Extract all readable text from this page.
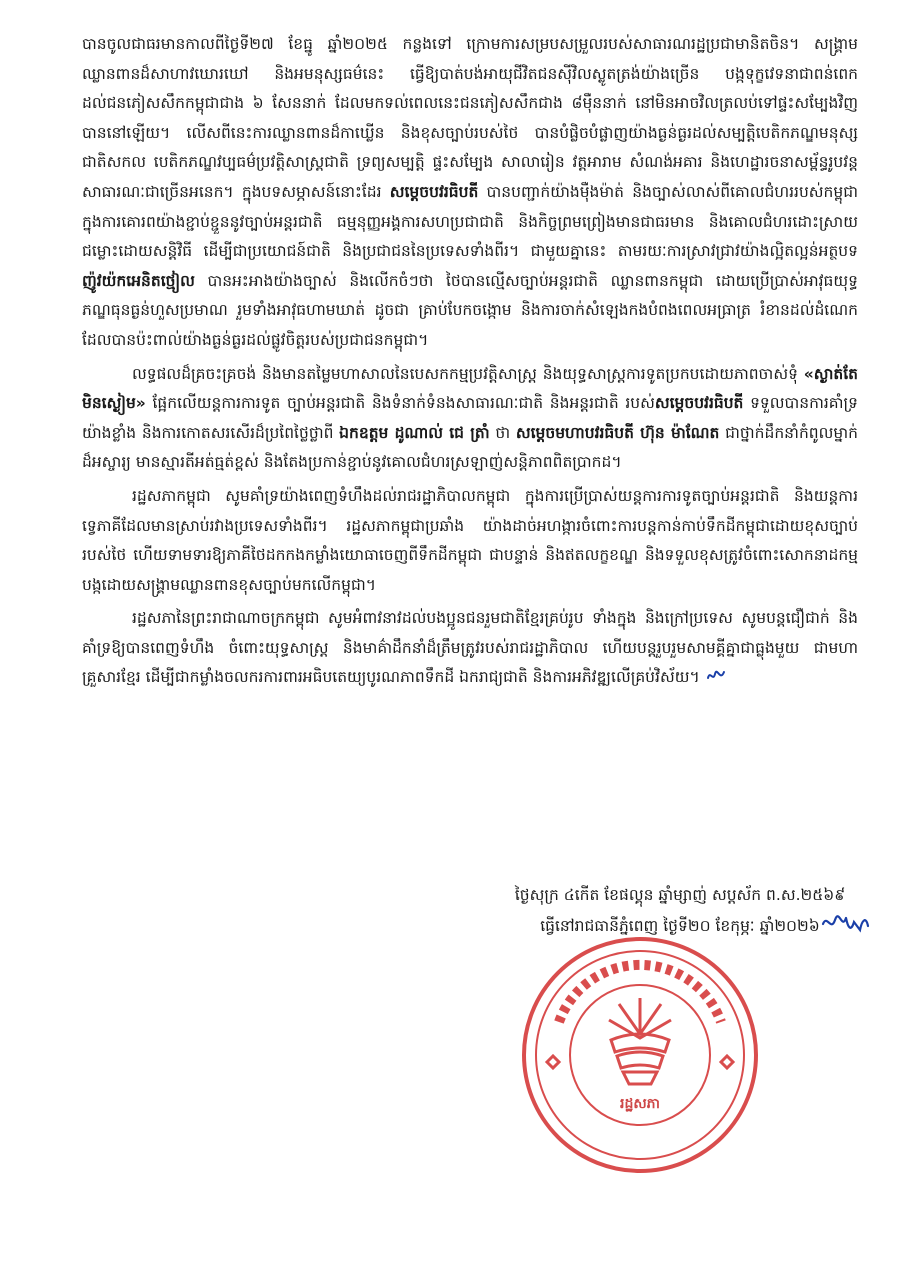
បានចូលជាធរមានកាលពីថ្ងៃទី២៧ ខែធ្នូ ឆ្នាំ២០២៥ កន្លងទៅ ក្រោមការសម្របសម្រួលរបស់សាធារណរដ្ឋប្រជាមានិតចិន។ សង្គ្រាមឈ្លានពានដ៏សាហាវឃោរឃៅ និងអមនុស្សធម៌នេះ ធ្វើឱ្យបាត់បង់អាយុជីវិតជនស៊ីវិលស្លូតត្រង់យ៉ាងច្រើន បង្កទុក្ខវេទនាជាពន់ពេកដល់ជនភៀសសឹកកម្ពុជាជាង ៦ សែននាក់ ដែលមកទល់ពេលនេះជនភៀសសឹកជាង ៨ម៉ឺននាក់ នៅមិនអាចវិលត្រលប់ទៅផ្ទះសម្បែងវិញបាននៅឡើយ។ លើសពីនេះការឈ្លានពានដ៏កាឃ្លើន និងខុសច្បាប់របស់ថៃ បានបំផ្លិចបំផ្លាញយ៉ាងធ្ងន់ធ្ងរដល់សម្បត្តិបេតិកភណ្ឌមនុស្សជាតិសកល បេតិកភណ្ឌវប្បធម៌ប្រវត្តិសាស្ត្រជាតិ ទ្រព្យសម្បត្តិ ផ្ទះសម្បែង សាលារៀន វត្តអារាម សំណង់អគារ និងហេដ្ឋារចនាសម្ព័ន្ធរូបវន្តសាធារណៈជាច្រើនអនេក។ ក្នុងបទសម្ភាសន៍នោះដែរ សម្ដេចបវរធិបតី បានបញ្ជាក់យ៉ាងម៉ឺងម៉ាត់ និងច្បាស់លាស់ពីគោលជំហររបស់កម្ពុជា ក្នុងការគោរពយ៉ាងខ្ជាប់ខ្ជួននូវច្បាប់អន្តរជាតិ ធម្មនុញ្ញអង្គការសហប្រជាជាតិ និងកិច្ចព្រមព្រៀងមានជាធរមាន និងគោលជំហរដោះស្រាយជម្លោះដោយសន្តិវិធី ដើម្បីជាប្រយោជន៍ជាតិ និងប្រជាជននៃប្រទេសទាំងពីរ។ ជាមួយគ្នានេះ តាមរយៈការស្រាវជ្រាវយ៉ាងល្អិតល្អន់អត្ថបទ ញ៉ូវយ៉កអេនិតថ្មៀល បានអះអាងយ៉ាងច្បាស់ និងលើកចំៗថា ថៃបានល្មើសច្បាប់អន្តរជាតិ ឈ្លានពានកម្ពុជា ដោយប្រើប្រាស់អាវុធយុទ្ធភណ្ឌធុនធ្ងន់ហួសប្រមាណ រួមទាំងអាវុធហាមឃាត់ ដូចជា គ្រាប់បែកចង្កោម និងការចាក់សំឡេងកងបំពងពេលអធ្រាត្រ រំខានដល់ដំណេក ដែលបានប៉ះពាល់យ៉ាងធ្ងន់ធ្ងរដល់ផ្លូវចិត្តរបស់ប្រជាជនកម្ពុជា។

លទ្ធផលដ៏គ្រចះគ្រចង់ និងមានតម្លៃមហាសាលនៃបេសកកម្មប្រវត្តិសាស្ត្រ និងយុទ្ធសាស្ត្រការទូតប្រកបដោយភាពចាស់ទុំ «ស្ងាត់តែមិនស្ងៀម» ផ្អែកលើយន្តការការទូត ច្បាប់អន្តរជាតិ និងទំនាក់ទំនងសាធារណៈជាតិ និងអន្តរជាតិ របស់សម្ដេចបវរធិបតី ទទួលបានការគាំទ្រយ៉ាងខ្លាំង និងការកោតសរសើរដ៏ប្រពៃថ្លៃថ្លាពី ឯកឧត្តម ដូណាល់ ជេ ត្រាំ ថា សម្ដេចមហាបវរធិបតី ហ៊ុន ម៉ាណែត ជាថ្នាក់ដឹកនាំកំពូលម្នាក់ដ៏អស្ចារ្យ មានស្មារតីអត់ធ្មត់ខ្ពស់ និងតែងប្រកាន់ខ្ជាប់នូវគោលជំហរស្រឡាញ់សន្តិភាពពិតប្រាកដ។

រដ្ឋសភាកម្ពុជា សូមគាំទ្រយ៉ាងពេញទំហឹងដល់រាជរដ្ឋាភិបាលកម្ពុជា ក្នុងការប្រើប្រាស់យន្តការការទូតច្បាប់អន្តរជាតិ និងយន្តការទ្វេភាគីដែលមានស្រាប់រវាងប្រទេសទាំងពីរ។ រដ្ឋសភាកម្ពុជាប្រឆាំង យ៉ាងដាច់អហង្ការចំពោះការបន្តកាន់កាប់ទឹកដីកម្ពុជាដោយខុសច្បាប់របស់ថៃ ហើយទាមទារឱ្យភាគីថៃដកកងកម្លាំងយោធាចេញពីទឹកដីកម្ពុជា ជាបន្ទាន់ និងឥតលក្ខខណ្ឌ និងទទួលខុសត្រូវចំពោះសោកនាដកម្ម បង្កដោយសង្គ្រាមឈ្លានពានខុសច្បាប់មកលើកម្ពុជា។

រដ្ឋសភានៃព្រះរាជាណាចក្រកម្ពុជា សូមអំពាវនាវដល់បងប្អូនជនរួមជាតិខ្មែរគ្រប់រូប ទាំងក្នុង និងក្រៅប្រទេស សូមបន្តជឿជាក់ និងគាំទ្រឱ្យបានពេញទំហឹង ចំពោះយុទ្ធសាស្ត្រ និងមាគ៌ាដឹកនាំដ៏ត្រឹមត្រូវរបស់រាជរដ្ឋាភិបាល ហើយបន្តរួបរួមសាមគ្គីគ្នាជាធ្លុងមួយ ជាមហាគ្រួសារខ្មែរ ដើម្បីជាកម្លាំងចលករការពារអធិបតេយ្យបូរណភាពទឹកដី ឯករាជ្យជាតិ និងការអភិវឌ្ឍលើគ្រប់វិស័យ។

ថ្ងៃសុក្រ ៤កើត ខែផល្គុន ឆ្នាំម្សាញ់ សប្តស័ក ព.ស.២៥៦៩
ធ្វើនៅរាជធានីភ្នំពេញ ថ្ងៃទី២០ ខែកុម្ភៈ ឆ្នាំ២០២៦
រដ្ឋសភា
